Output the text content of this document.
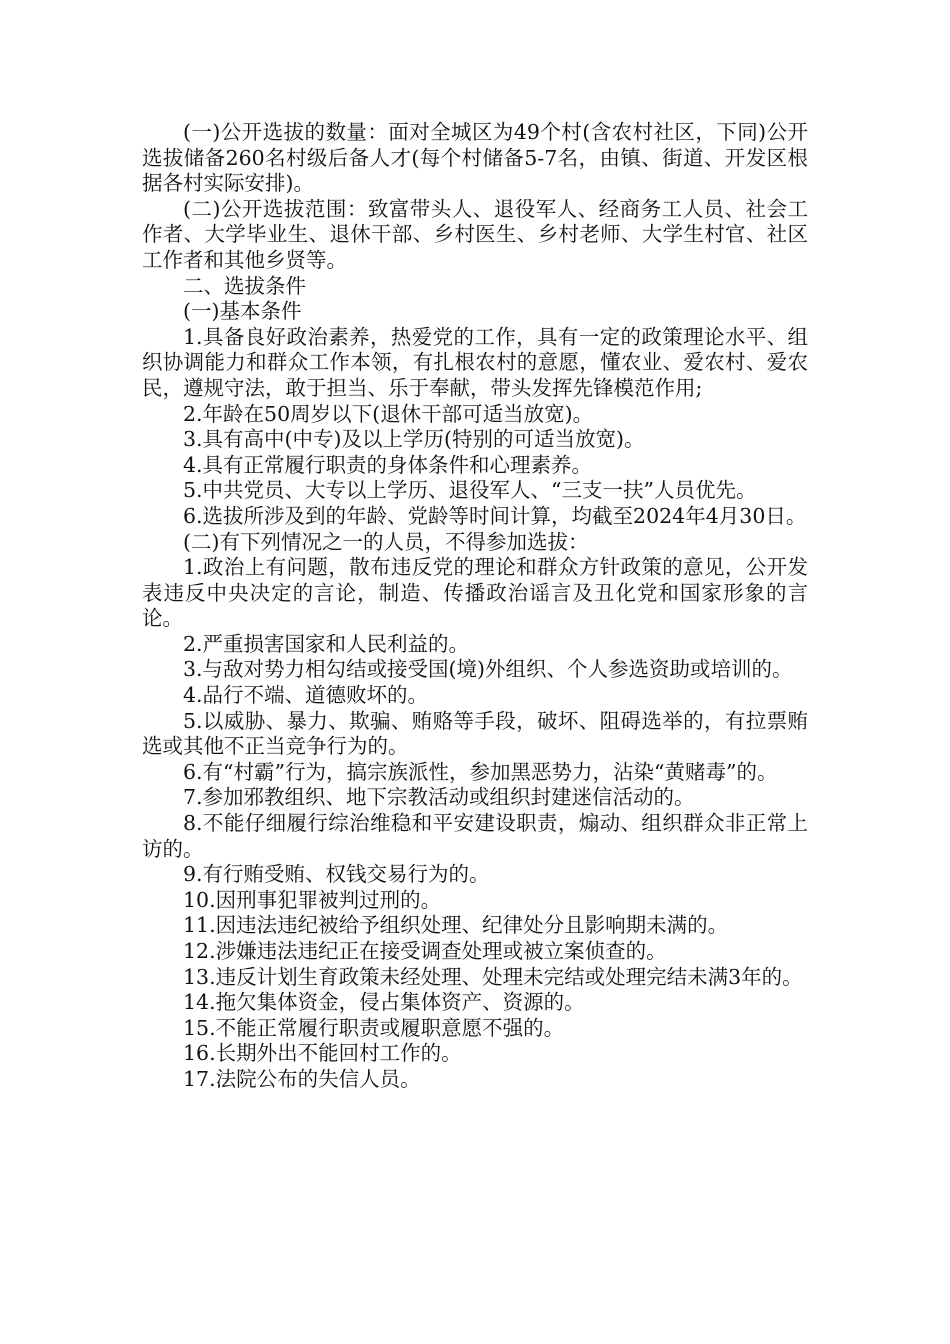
(一)公开选拔的数量：面对全城区为49个村(含农村社区，下同)公开选拔储备260名村级后备人才(每个村储备5-7名，由镇、街道、开发区根据各村实际安排)。

(二)公开选拔范围：致富带头人、退役军人、经商务工人员、社会工作者、大学毕业生、退休干部、乡村医生、乡村老师、大学生村官、社区工作者和其他乡贤等。

二、选拔条件

(一)基本条件

1.具备良好政治素养，热爱党的工作，具有一定的政策理论水平、组织协调能力和群众工作本领，有扎根农村的意愿，懂农业、爱农村、爱农民，遵规守法，敢于担当、乐于奉献，带头发挥先锋模范作用;

2.年龄在50周岁以下(退休干部可适当放宽)。

3.具有高中(中专)及以上学历(特别的可适当放宽)。

4.具有正常履行职责的身体条件和心理素养。

5.中共党员、大专以上学历、退役军人、“三支一扶”人员优先。

6.选拔所涉及到的年龄、党龄等时间计算，均截至2024年4月30日。

(二)有下列情况之一的人员，不得参加选拔：

1.政治上有问题，散布违反党的理论和群众方针政策的意见，公开发表违反中央决定的言论，制造、传播政治谣言及丑化党和国家形象的言论。

2.严重损害国家和人民利益的。

3.与敌对势力相勾结或接受国(境)外组织、个人参选资助或培训的。

4.品行不端、道德败坏的。

5.以威胁、暴力、欺骗、贿赂等手段，破坏、阻碍选举的，有拉票贿选或其他不正当竞争行为的。

6.有“村霸”行为，搞宗族派性，参加黑恶势力，沾染“黄赌毒”的。

7.参加邪教组织、地下宗教活动或组织封建迷信活动的。

8.不能仔细履行综治维稳和平安建设职责，煽动、组织群众非正常上访的。

9.有行贿受贿、权钱交易行为的。

10.因刑事犯罪被判过刑的。

11.因违法违纪被给予组织处理、纪律处分且影响期未满的。

12.涉嫌违法违纪正在接受调查处理或被立案侦查的。

13.违反计划生育政策未经处理、处理未完结或处理完结未满3年的。

14.拖欠集体资金，侵占集体资产、资源的。

15.不能正常履行职责或履职意愿不强的。

16.长期外出不能回村工作的。

17.法院公布的失信人员。
